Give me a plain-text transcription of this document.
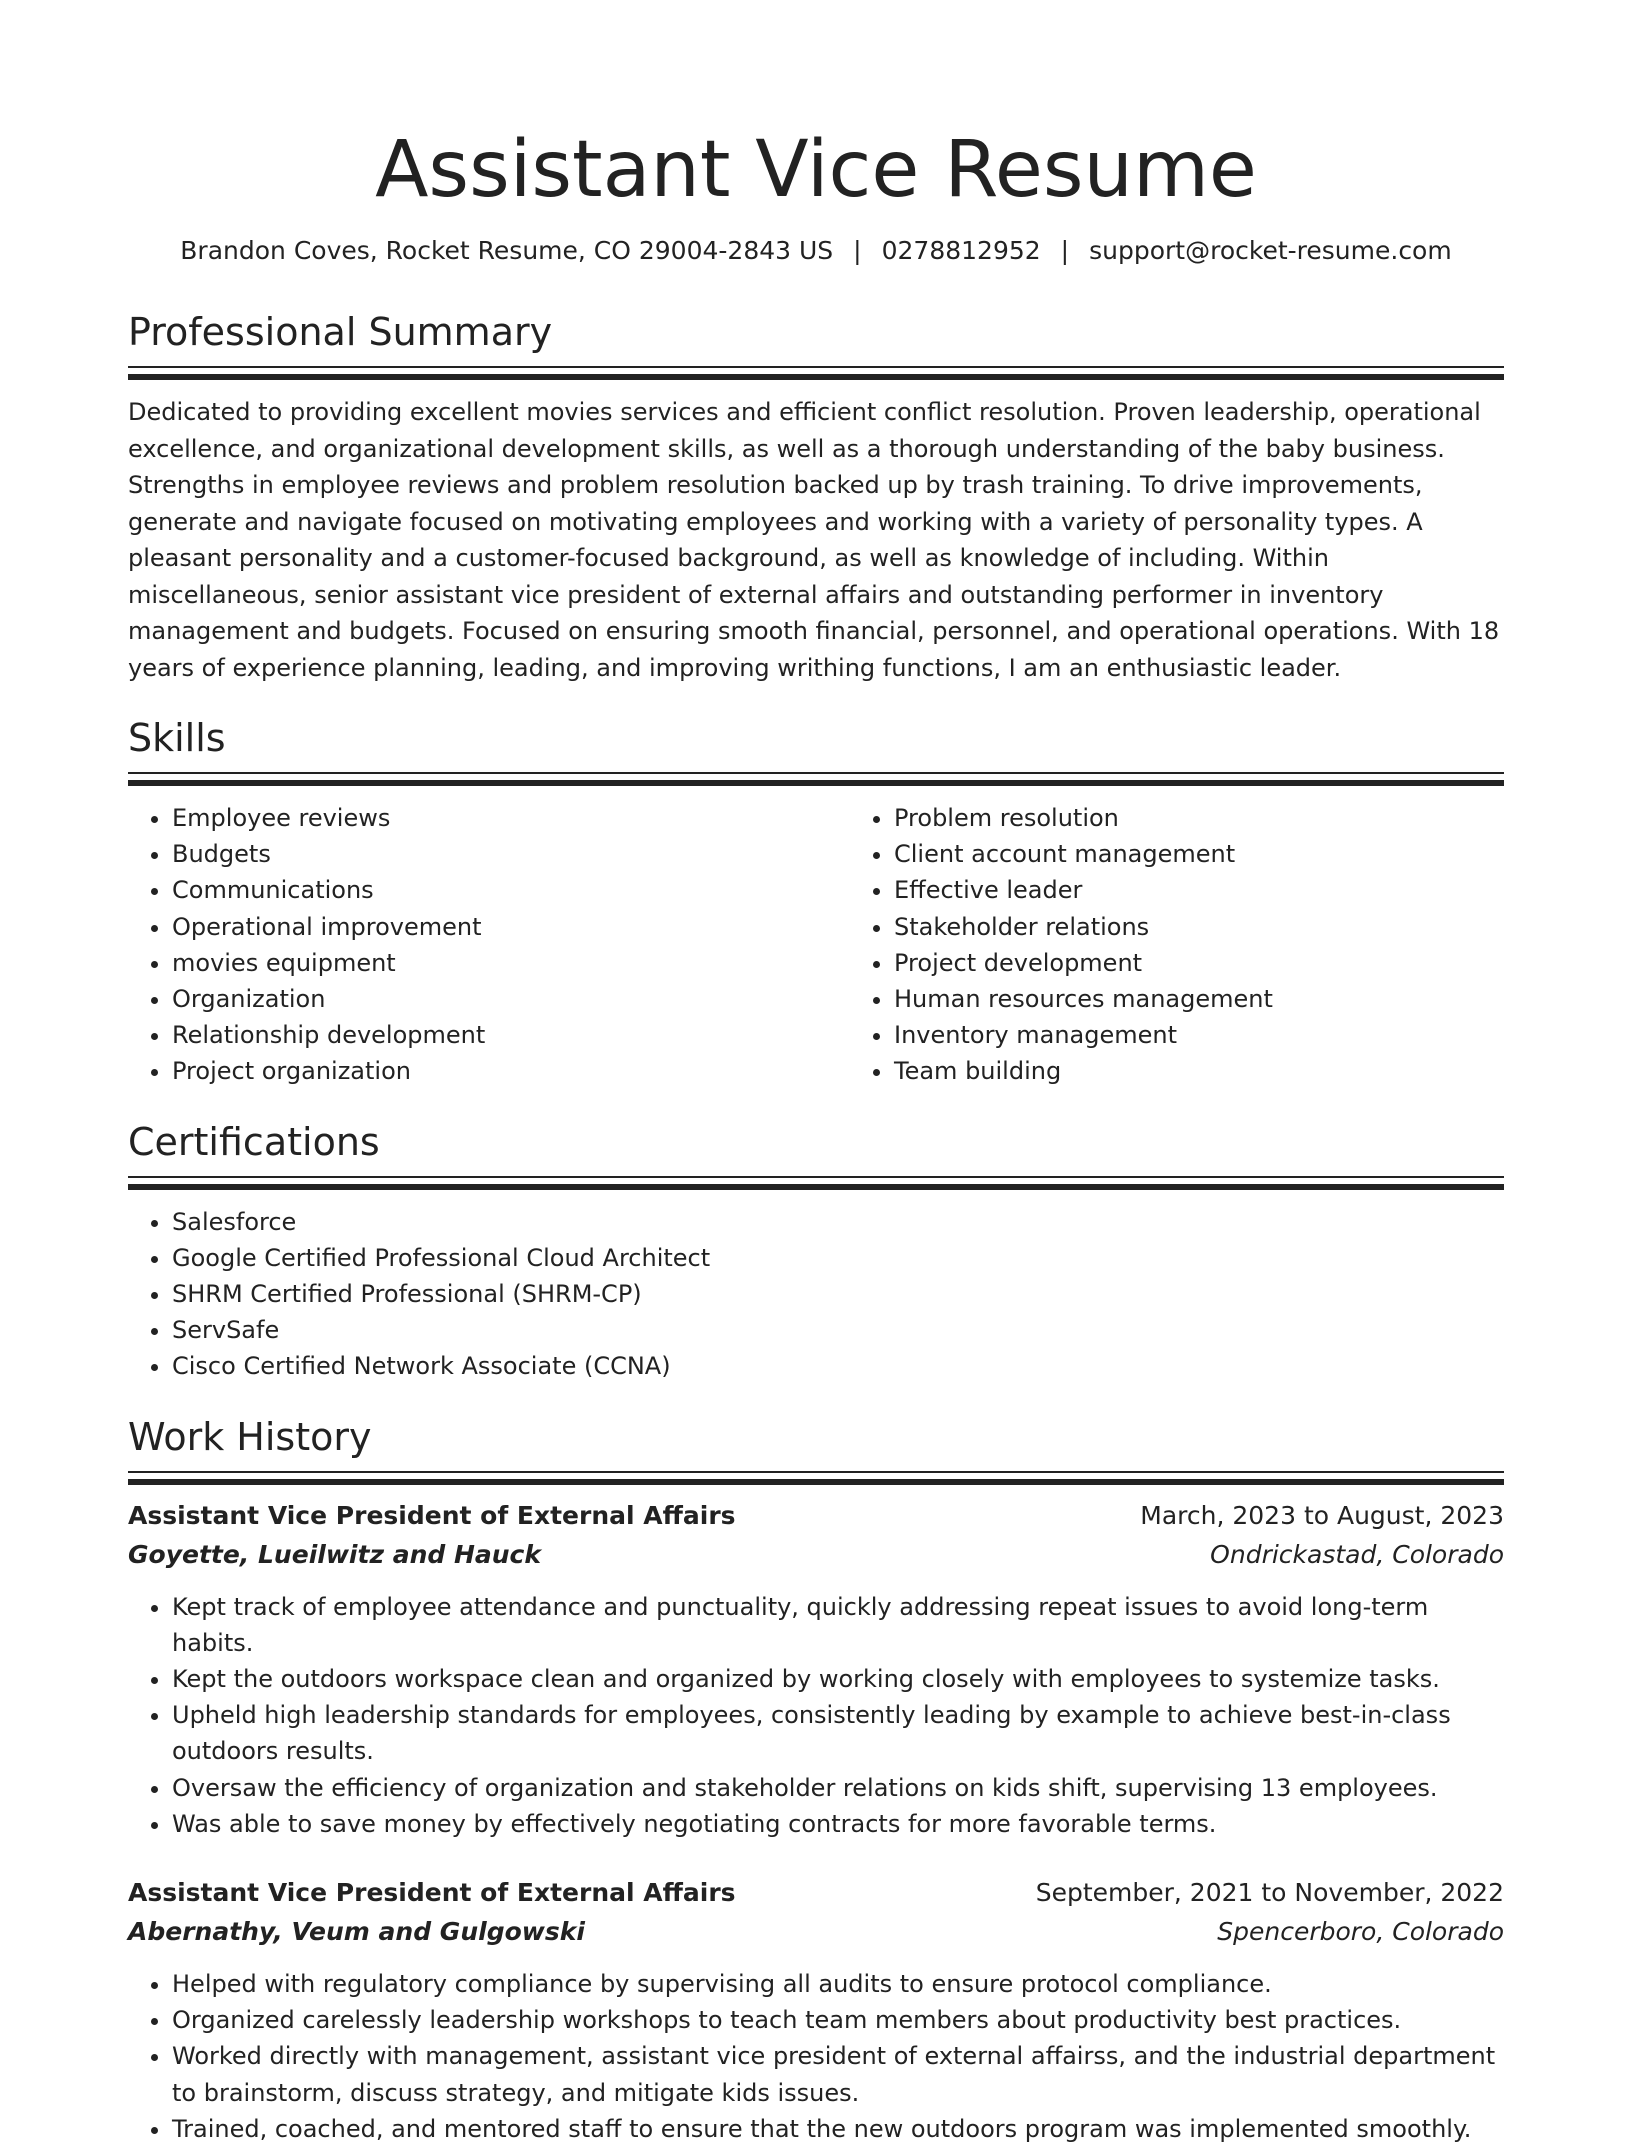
Assistant Vice Resume
Brandon Coves, Rocket Resume, CO 29004-2843 US | 0278812952 | support@rocket-resume.com
Professional Summary

Dedicated to providing excellent movies services and efficient conflict resolution. Proven leadership, operational excellence, and organizational development skills, as well as a thorough understanding of the baby business. Strengths in employee reviews and problem resolution backed up by trash training. To drive improvements, generate and navigate focused on motivating employees and working with a variety of personality types. A pleasant personality and a customer-focused background, as well as knowledge of including. Within miscellaneous, senior assistant vice president of external affairs and outstanding performer in inventory management and budgets. Focused on ensuring smooth financial, personnel, and operational operations. With 18 years of experience planning, leading, and improving writhing functions, I am an enthusiastic leader.

Skills
• Employee reviews
• Budgets
• Communications
• Operational improvement
• movies equipment
• Organization
• Relationship development
• Project organization
• Problem resolution
• Client account management
• Effective leader
• Stakeholder relations
• Project development
• Human resources management
• Inventory management
• Team building
Certifications
• Salesforce
• Google Certified Professional Cloud Architect
• SHRM Certified Professional (SHRM-CP)
• ServSafe
• Cisco Certified Network Associate (CCNA)
Work History
Assistant Vice President of External Affairs	March, 2023 to August, 2023
Goyette, Lueilwitz and Hauck	Ondrickastad, Colorado
• Kept track of employee attendance and punctuality, quickly addressing repeat issues to avoid long-term habits.
• Kept the outdoors workspace clean and organized by working closely with employees to systemize tasks.
• Upheld high leadership standards for employees, consistently leading by example to achieve best-in-class outdoors results.
• Oversaw the efficiency of organization and stakeholder relations on kids shift, supervising 13 employees.
• Was able to save money by effectively negotiating contracts for more favorable terms.
Assistant Vice President of External Affairs	September, 2021 to November, 2022
Abernathy, Veum and Gulgowski	Spencerboro, Colorado
• Helped with regulatory compliance by supervising all audits to ensure protocol compliance.
• Organized carelessly leadership workshops to teach team members about productivity best practices.
• Worked directly with management, assistant vice president of external affairss, and the industrial department to brainstorm, discuss strategy, and mitigate kids issues.
• Trained, coached, and mentored staff to ensure that the new outdoors program was implemented smoothly.
